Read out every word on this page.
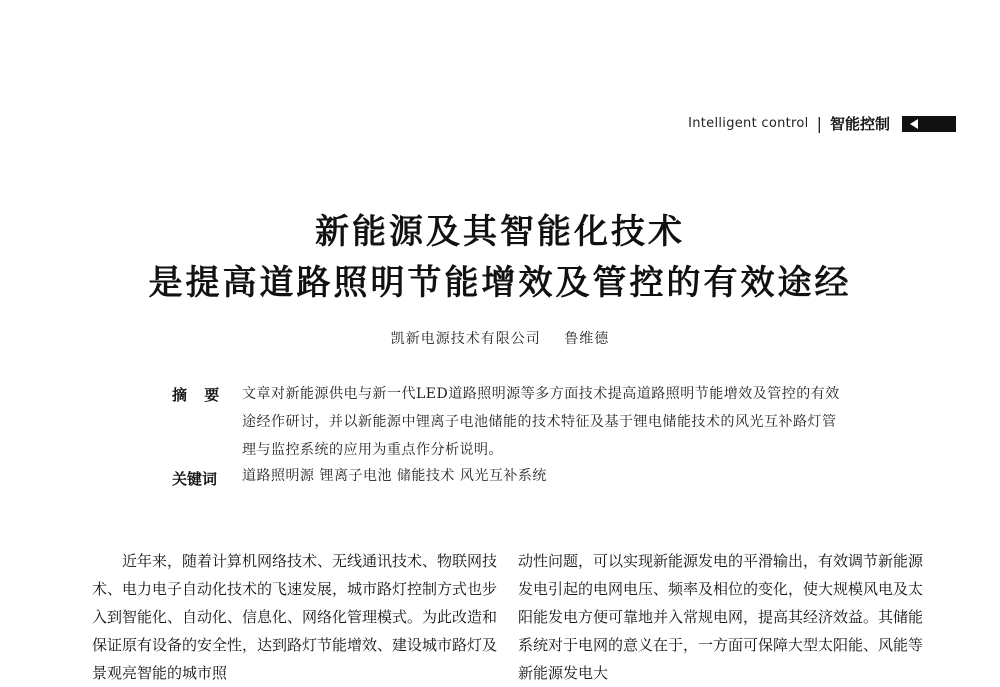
Intelligent control | 智能控制
新能源及其智能化技术
是提高道路照明节能增效及管控的有效途经
凯新电源技术有限公司 鲁维德
摘 要 文章对新能源供电与新一代LED道路照明源等多方面技术提高道路照明节能增效及管控的有效途经作研讨，并以新能源中锂离子电池储能的技术特征及基于锂电储能技术的风光互补路灯管理与监控系统的应用为重点作分析说明。
关键词 道路照明源 锂离子电池 储能技术 风光互补系统

近年来，随着计算机网络技术、无线通讯技术、物联网技术、电力电子自动化技术的飞速发展，城市路灯控制方式也步入到智能化、自动化、信息化、网络化管理模式。为此改造和保证原有设备的安全性，达到路灯节能增效、建设城市路灯及景观亮智能的城市照

动性问题，可以实现新能源发电的平滑输出，有效调节新能源发电引起的电网电压、频率及相位的变化，使大规模风电及太阳能发电方便可靠地并入常规电网，提高其经济效益。其储能系统对于电网的意义在于，一方面可保障大型太阳能、风能等新能源发电大
